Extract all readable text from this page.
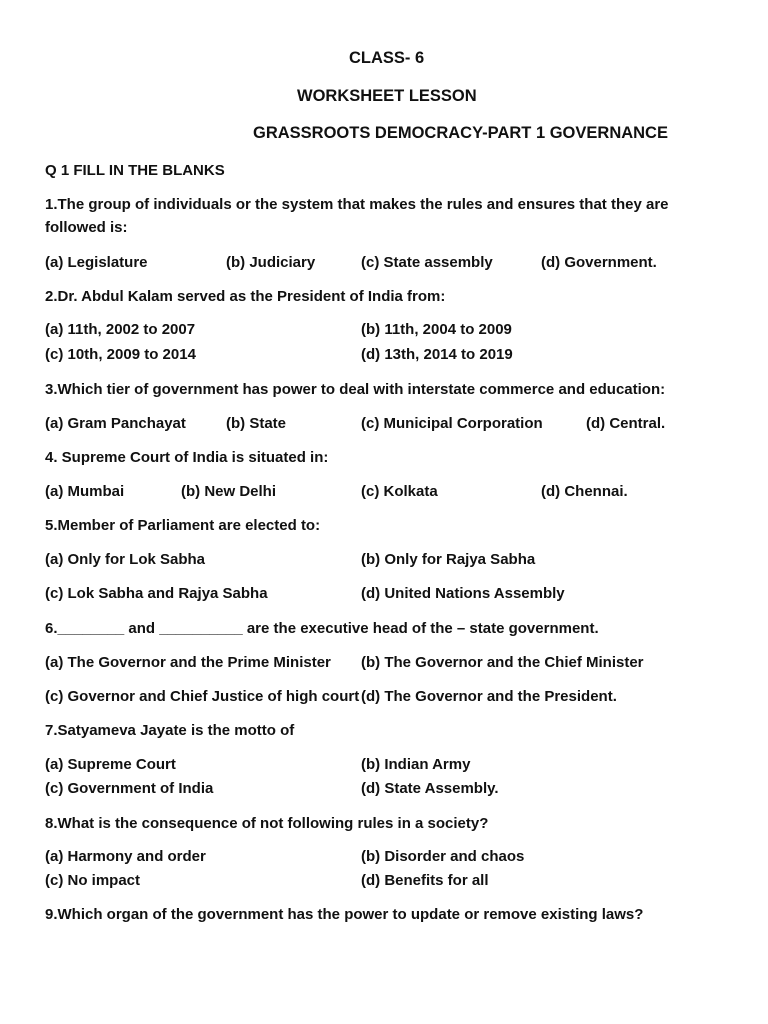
CLASS- 6
WORKSHEET LESSON
GRASSROOTS DEMOCRACY-PART 1 GOVERNANCE
Q 1 FILL IN THE BLANKS
1.The group of individuals or the system that makes the rules and ensures that they are
followed is:
(a) Legislature	(b) Judiciary	(c) State assembly	(d) Government.
2.Dr. Abdul Kalam served as the President of India from:
(a) 11th, 2002 to 2007	(b) 11th, 2004 to 2009
(c) 10th, 2009 to 2014	(d) 13th, 2014 to 2019
3.Which tier of government has power to deal with interstate commerce and education:
(a) Gram Panchayat	(b) State	(c) Municipal Corporation	(d) Central.
4. Supreme Court of India is situated in:
(a) Mumbai	(b) New Delhi	(c) Kolkata	(d) Chennai.
5.Member of Parliament are elected to:
(a) Only for Lok Sabha	(b) Only for Rajya Sabha
(c) Lok Sabha and Rajya Sabha	(d) United Nations Assembly
6.________ and __________ are the executive head of the – state government.
(a) The Governor and the Prime Minister (b) The Governor and the Chief Minister
(c) Governor and Chief Justice of high court (d) The Governor and the President.
7.Satyameva Jayate is the motto of
(a) Supreme Court	(b) Indian Army
(c) Government of India	(d) State Assembly.
8.What is the consequence of not following rules in a society?
(a) Harmony and order	(b) Disorder and chaos
(c) No impact	(d) Benefits for all
9.Which organ of the government has the power to update or remove existing laws?
